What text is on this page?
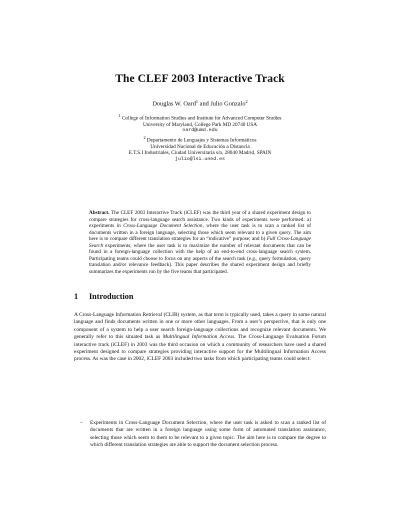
The CLEF 2003 Interactive Track
Douglas W. Oard$^1$ and Julio Gonzalo$^2$
$^1$ College of Information Studies and Institute for Advanced Computer Studies
University of Maryland, College Park MD 20740 USA
oard@umd.edu
$^2$ Departamento de Lenguajes y Sistemas Informáticos
Universidad Nacional de Educación a Distancia
E.T.S.I Industriales, Ciudad Universitaria s/n, 28040 Madrid, SPAIN
julio@lsi.uned.es
Abstract. The CLEF 2003 Interactive Track (iCLEF) was the third year of a shared experiment design to compare strategies for cross-language search assistance. Two kinds of experiments were performed: a) experiments in Cross-Language Document Selection, where the user task is to scan a ranked list of documents written in a foreign language, selecting those which seem relevant to a given query. The aim here is to compare different translation strategies for an “indicative” purpose; and b) Full Cross-Language Search experiments, where the user task is to maximize the number of relevant documents that can be found in a foreign-language collection with the help of an end-to-end cross-language search system. Participating teams could choose to focus on any aspects of the search task (e.g., query formulation, query translation and/or relevance feedback). This paper describes the shared experiment design and briefly summarizes the experiments run by the five teams that participated.
1 Introduction

A Cross-Language Information Retrieval (CLIR) system, as that term is typically used, takes a query in some natural language and finds documents written in one or more other languages. From a user’s perspective, that is only one component of a system to help a user search foreign-language collections and recognize relevant documents. We generally refer to this situated task as Multilingual Information Access. The Cross-Language Evaluation Forum interactive track (iCLEF) in 2003 was the third occasion on which a community of researchers have used a shared experiment designed to compare strategies providing interactive support for the Multilingual Information Access process. As was the case in 2002, iCLEF 2003 included two tasks from which participating teams could select:

– Experiments in Cross-Language Document Selection, where the user task is asked to scan a ranked list of documents that are written in a foreign language using some form of automated translation assistance, selecting those which seem to them to be relevant to a given topic. The aim here is to compare the degree to which different translation strategies are able to support the document selection process.
